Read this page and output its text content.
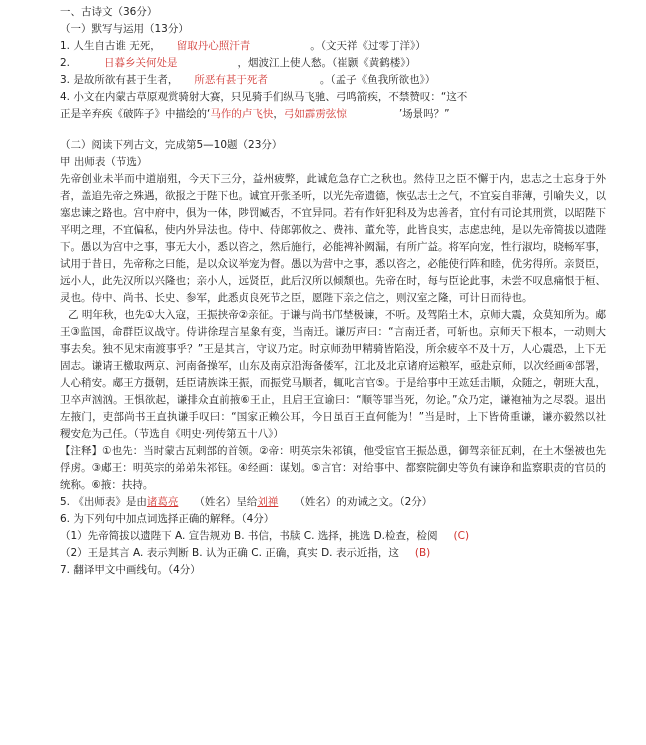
一、古诗文（36分）
（一）默写与运用（13分）
1. 人生自古谁 无死， 留取丹心照汗青	。（文天祥《过零丁洋》）
2.	日暮乡关何处是	，烟波江上使人愁。（崔颢《黄鹤楼》）
3. 是故所欲有甚于生者， 所恶有甚于死者	。（孟子《鱼我所欲也》）
4. 小文在内蒙古草原观赏骑射大赛，只见骑手们纵马飞驰、弓鸣箭疾，不禁赞叹：“这不
正是辛弃疾《破阵子》中描绘的‘马作的卢飞快，弓如霹雳弦惊	’场景吗？”
（二）阅读下列古文，完成第5—10题（23分）
甲 出师表（节选）
先帝创业未半而中道崩殂，今天下三分，益州疲弊，此诚危急存亡之秋也。然侍卫之臣不懈于内，忠志之士忘身于外者，盖追先帝之殊遇，欲报之于陛下也。诚宜开张圣听，以光先帝遗德，恢弘志士之气，不宜妄自菲薄，引喻失义，以塞忠谏之路也。宫中府中，俱为一体，陟罚臧否，不宜异同。若有作奸犯科及为忠善者，宜付有司论其刑赏，以昭陛下平明之理，不宜偏私，使内外异法也。侍中、侍郎郭攸之、费祎、董允等，此皆良实，志虑忠纯，是以先帝简拔以遗陛下。愚以为宫中之事，事无大小，悉以咨之，然后施行，必能裨补阙漏，有所广益。将军向宠，性行淑均，晓畅军事，试用于昔日，先帝称之曰能，是以众议举宠为督。愚以为营中之事，悉以咨之，必能使行阵和睦，优劣得所。亲贤臣，远小人，此先汉所以兴隆也；亲小人，远贤臣，此后汉所以倾颓也。先帝在时，每与臣论此事，未尝不叹息痛恨于桓、灵也。侍中、尚书、长史、参军，此悉贞良死节之臣，愿陛下亲之信之，则汉室之隆，可计日而待也。
乙 明年秋，也先①大入寇，王振挟帝②亲征。于谦与尚书邝埜极谏，不听。及驾陷土木，京师大震，众莫知所为。郕王③监国，命群臣议战守。侍讲徐珵言星象有变，当南迁。谦厉声曰：“言南迁者，可斩也。京师天下根本，一动则大事去矣。独不见宋南渡事乎？”王是其言，守议乃定。时京师劲甲精骑皆陷没，所余疲卒不及十万，人心震恐，上下无固志。谦请王檄取两京、河南备操军，山东及南京沿海备倭军，江北及北京诸府运粮军，亟赴京师，以次经画④部署，人心稍安。郕王方摄朝，廷臣请族诛王振，而振党马顺者，辄叱言官⑤。于是给事中王竑廷击顺，众随之，朝班大乱，卫卒声汹汹。王惧欲起，谦排众直前掖⑥王止，且启王宣谕曰：“顺等罪当死，勿论。”众乃定，谦袍袖为之尽裂。退出左掖门，吏部尚书王直执谦手叹曰：“国家正赖公耳，今日虽百王直何能为！”当是时，上下皆倚重谦，谦亦毅然以社稷安危为己任。（节选自《明史·列传第五十八》）
【注释】①也先：当时蒙古瓦剌部的首领。②帝：明英宗朱祁镇，他受宦官王振怂恿，御驾亲征瓦剌，在土木堡被也先俘虏。③郕王：明英宗的弟弟朱祁钰。④经画：谋划。⑤言官：对给事中、都察院御史等负有谏诤和监察职责的官员的统称。⑥掖：扶持。
5. 《出师表》是由诸葛亮 （姓名）呈给刘禅 （姓名）的劝诫之文。（2分）
6. 为下列句中加点词选择正确的解释。（4分）
（1）先帝简拔以遗陛下 A. 宣告规劝 B. 书信，书牍 C. 选择，挑选 D.检查，检阅 (C)
（2）王是其言 A. 表示判断 B. 认为正确 C. 正确，真实 D. 表示近指，这 (B)
7. 翻译甲文中画线句。（4分）
